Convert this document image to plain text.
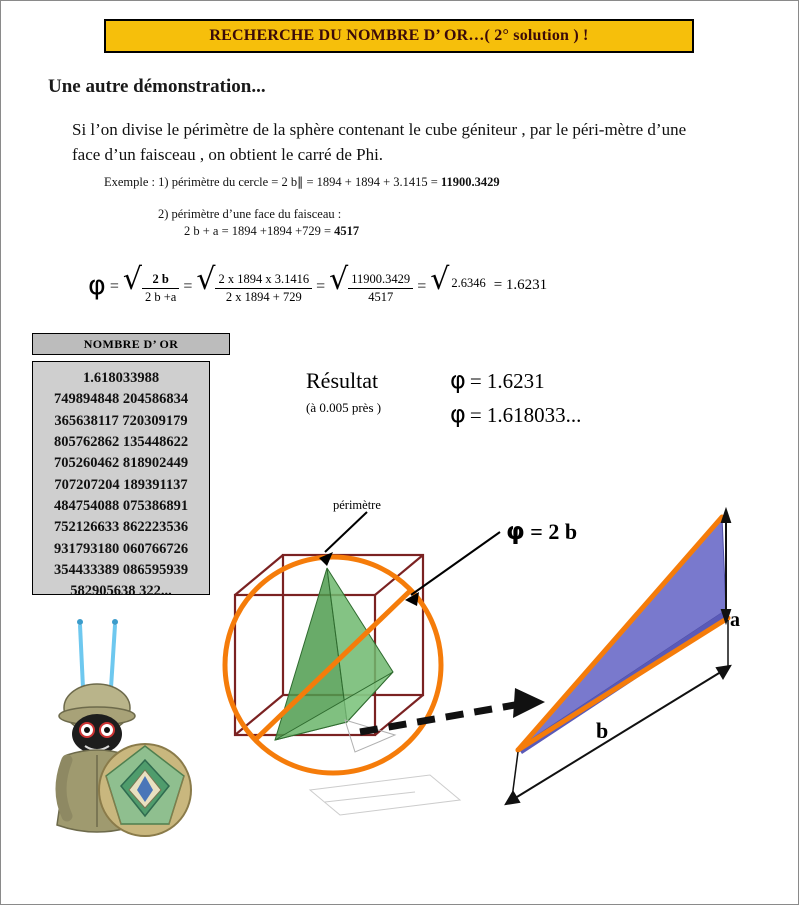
RECHERCHE DU NOMBRE D’ OR…( 2° solution ) !
Une autre démonstration...
Si l’on divise le périmètre de la sphère contenant le cube géniteur , par le péri-mètre d’une face d’un faisceau , on obtient le carré de Phi.
Exemple : 1) périmètre du cercle = 2 b∥ = 1894 + 1894 + 3.1415 = 11900.3429
2) périmètre d’une face du faisceau :
2 b + a = 1894 +1894 +729 = 4517
φ = √ $\frac{2 b}{2 b +a}$ = √ $\frac{2 x 1894 x 3.1416}{2 x 1894 + 729}$ = √ $\frac{11900.3429}{4517}$ = √ 2.6346 = 1.6231
NOMBRE D’ OR
1.618033988
749894848 204586834
365638117 720309179
805762862 135448622
705260462 818902449
707207204 189391137
484754088 075386891
752126633 862223536
931793180 060766726
354433389 086595939
582905638 322...
Résultat	φ = 1.6231
(à 0.005 près )	φ = 1.618033...
périmètre
φ = 2 b
a
b
